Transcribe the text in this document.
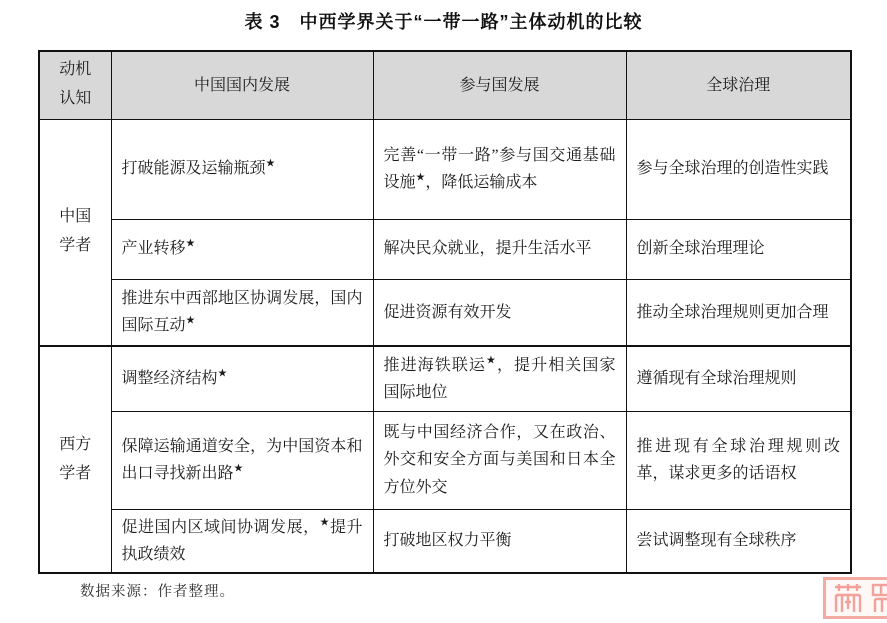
表 3　中西学界关于“一带一路”主体动机的比较
动机认知	中国国内发展	参与国发展	全球治理
中国学者	打破能源及运输瓶颈★	完善“一带一路”参与国交通基础设施★，降低运输成本	参与全球治理的创造性实践
	产业转移★	解决民众就业，提升生活水平	创新全球治理理论
	推进东中西部地区协调发展，国内国际互动★	促进资源有效开发	推动全球治理规则更加合理
西方学者	调整经济结构★	推进海铁联运★，提升相关国家国际地位	遵循现有全球治理规则
	保障运输通道安全，为中国资本和出口寻找新出路★	既与中国经济合作，又在政治、外交和安全方面与美国和日本全方位外交	推进现有全球治理规则改革，谋求更多的话语权
	促进国内区域间协调发展，★提升执政绩效	打破地区权力平衡	尝试调整现有全球秩序
数据来源：作者整理。
